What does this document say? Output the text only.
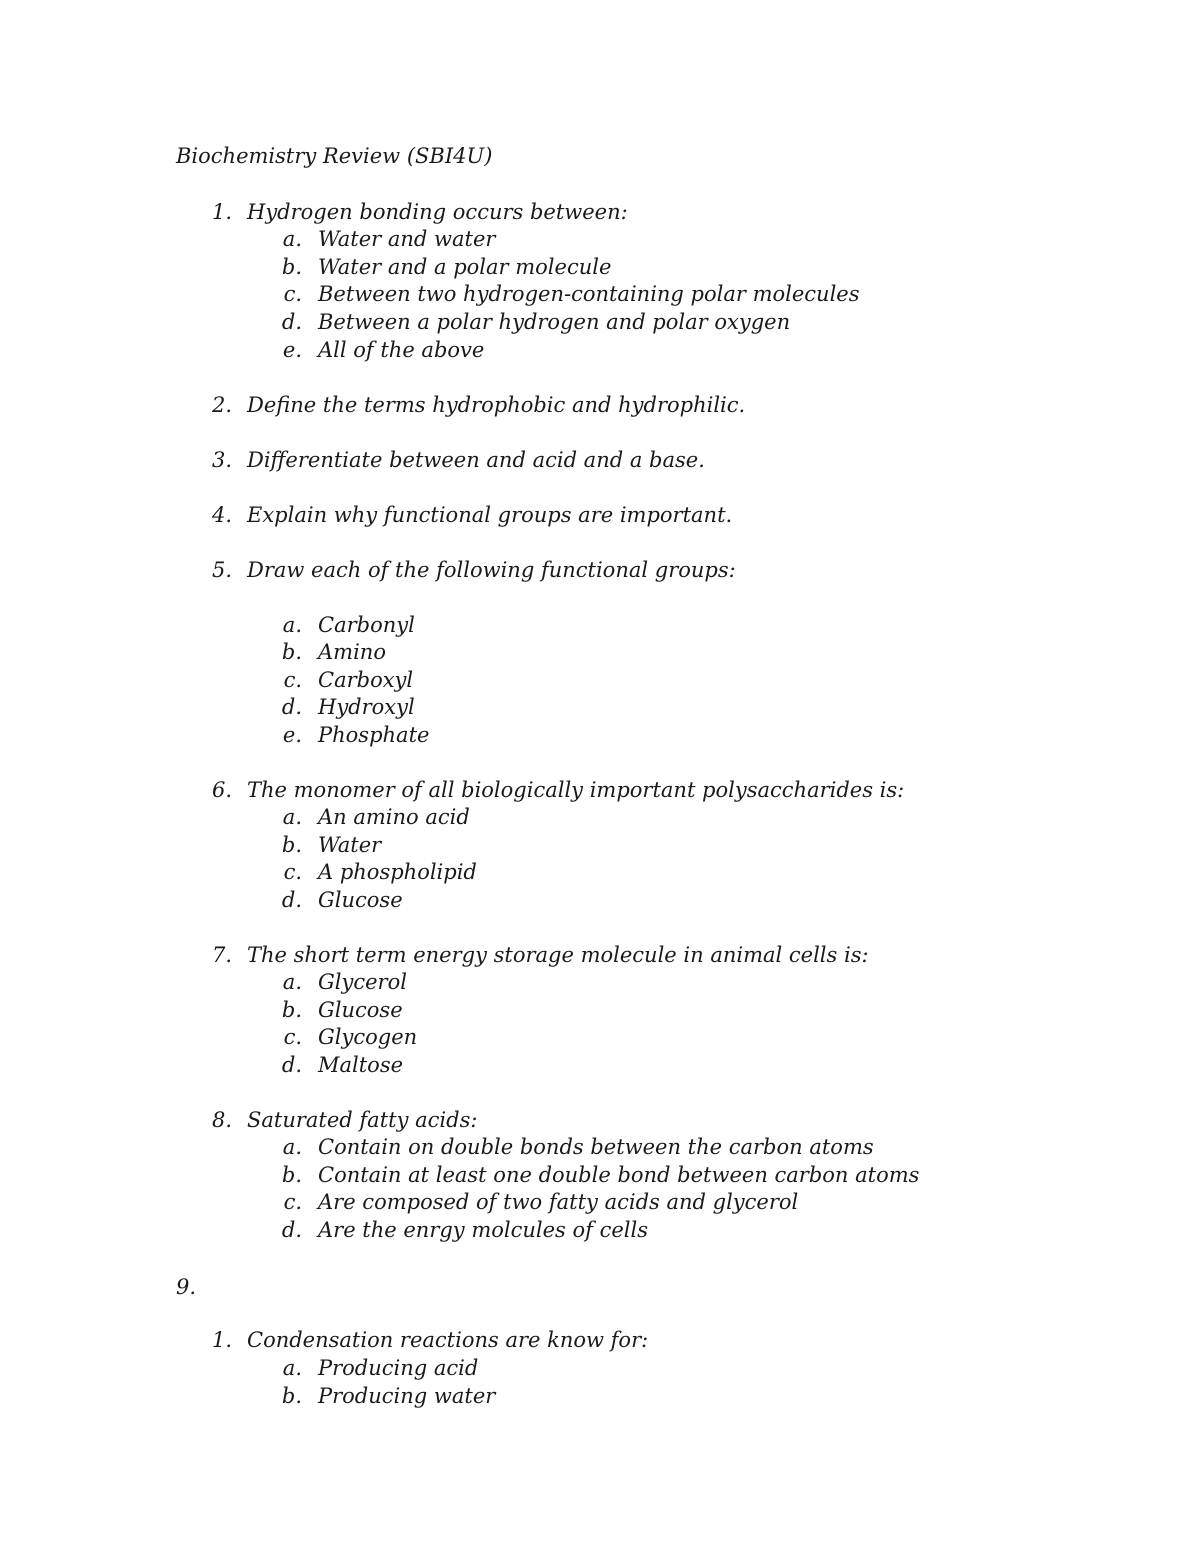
Biochemistry Review (SBI4U)
1. Hydrogen bonding occurs between:
a. Water and water
b. Water and a polar molecule
c. Between two hydrogen-containing polar molecules
d. Between a polar hydrogen and polar oxygen
e. All of the above
2. Define the terms hydrophobic and hydrophilic.
3. Differentiate between and acid and a base.
4. Explain why functional groups are important.
5. Draw each of the following functional groups:
a. Carbonyl
b. Amino
c. Carboxyl
d. Hydroxyl
e. Phosphate
6. The monomer of all biologically important polysaccharides is:
a. An amino acid
b. Water
c. A phospholipid
d. Glucose
7. The short term energy storage molecule in animal cells is:
a. Glycerol
b. Glucose
c. Glycogen
d. Maltose
8. Saturated fatty acids:
a. Contain on double bonds between the carbon atoms
b. Contain at least one double bond between carbon atoms
c. Are composed of two fatty acids and glycerol
d. Are the enrgy molcules of cells
9.
1. Condensation reactions are know for:
a. Producing acid
b. Producing water
